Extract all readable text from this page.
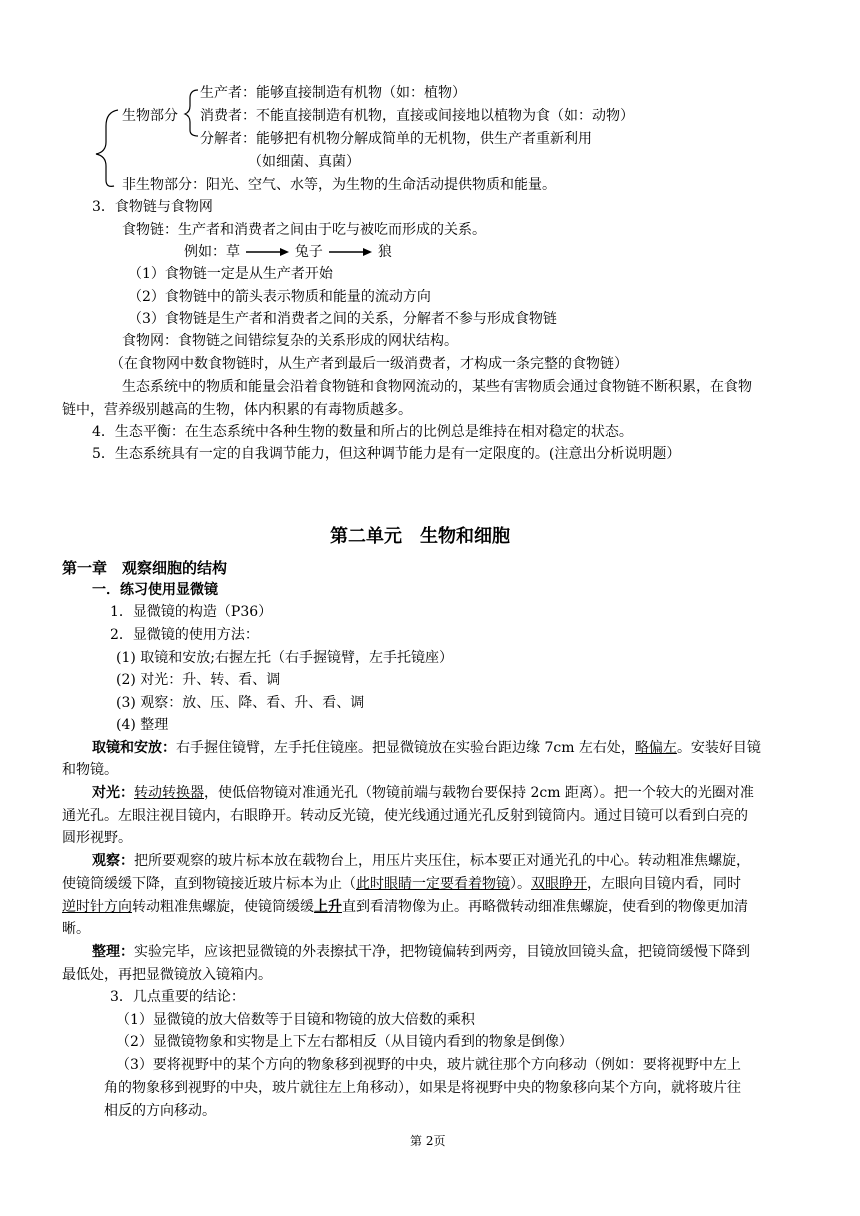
生物部分
生产者：能够直接制造有机物（如：植物）
消费者：不能直接制造有机物，直接或间接地以植物为食（如：动物）
分解者：能够把有机物分解成简单的无机物，供生产者重新利用
（如细菌、真菌）
非生物部分：阳光、空气、水等，为生物的生命活动提供物质和能量。
3．食物链与食物网
食物链：生产者和消费者之间由于吃与被吃而形成的关系。
例如：草	兔子	狼
（1）食物链一定是从生产者开始
（2）食物链中的箭头表示物质和能量的流动方向
（3）食物链是生产者和消费者之间的关系，分解者不参与形成食物链
食物网：食物链之间错综复杂的关系形成的网状结构。
（在食物网中数食物链时，从生产者到最后一级消费者，才构成一条完整的食物链）
生态系统中的物质和能量会沿着食物链和食物网流动的，某些有害物质会通过食物链不断积累，在食物
链中，营养级别越高的生物，体内积累的有毒物质越多。
4．生态平衡：在生态系统中各种生物的数量和所占的比例总是维持在相对稳定的状态。
5．生态系统具有一定的自我调节能力，但这种调节能力是有一定限度的。(注意出分析说明题）
第二单元　生物和细胞
第一章　观察细胞的结构
一．练习使用显微镜
1．显微镜的构造（P36）
2．显微镜的使用方法：
(1) 取镜和安放;右握左托（右手握镜臂，左手托镜座）
(2) 对光：升、转、看、调
(3) 观察：放、压、降、看、升、看、调
(4) 整理
取镜和安放：右手握住镜臂，左手托住镜座。把显微镜放在实验台距边缘 7cm 左右处，略偏左。安装好目镜
和物镜。
对光：转动转换器，使低倍物镜对准通光孔（物镜前端与载物台要保持 2cm 距离）。把一个较大的光圈对准
通光孔。左眼注视目镜内，右眼睁开。转动反光镜，使光线通过通光孔反射到镜筒内。通过目镜可以看到白亮的
圆形视野。
观察：把所要观察的玻片标本放在载物台上，用压片夹压住，标本要正对通光孔的中心。转动粗准焦螺旋，
使镜筒缓缓下降，直到物镜接近玻片标本为止（此时眼睛一定要看着物镜）。双眼睁开，左眼向目镜内看，同时
逆时针方向转动粗准焦螺旋，使镜筒缓缓上升直到看清物像为止。再略微转动细准焦螺旋，使看到的物像更加清
晰。
整理：实验完毕，应该把显微镜的外表擦拭干净，把物镜偏转到两旁，目镜放回镜头盒，把镜筒缓慢下降到
最低处，再把显微镜放入镜箱内。
3．几点重要的结论：
（1）显微镜的放大倍数等于目镜和物镜的放大倍数的乘积
（2）显微镜物象和实物是上下左右都相反（从目镜内看到的物象是倒像）
（3）要将视野中的某个方向的物象移到视野的中央，玻片就往那个方向移动（例如：要将视野中左上
角的物象移到视野的中央，玻片就往左上角移动），如果是将视野中央的物象移向某个方向，就将玻片往
相反的方向移动。
第 2页
